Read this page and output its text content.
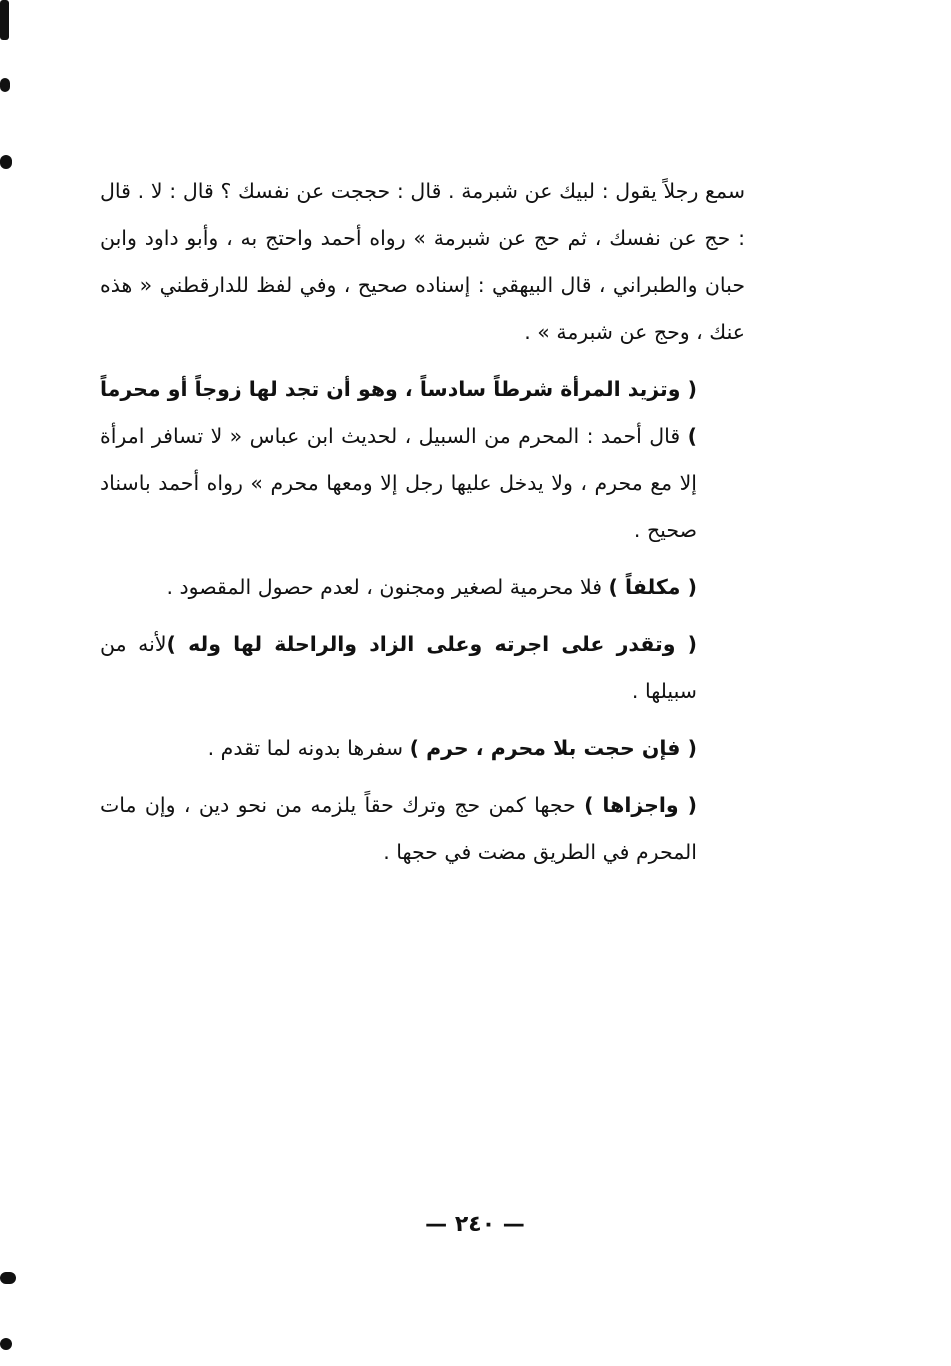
سمع رجلاً يقول : لبيك عن شبرمة . قال : حججت عن نفسك ؟ قال : لا . قال : حج عن نفسك ، ثم حج عن شبرمة » رواه أحمد واحتج به ، وأبو داود وابن حبان والطبراني ، قال البيهقي : إسناده صحيح ، وفي لفظ للدارقطني « هذه عنك ، وحج عن شبرمة » .

( وتزيد المرأة شرطاً سادساً ، وهو أن تجد لها زوجاً أو محرماً ) قال أحمد : المحرم من السبيل ، لحديث ابن عباس « لا تسافر امرأة إلا مع محرم ، ولا يدخل عليها رجل إلا ومعها محرم » رواه أحمد باسناد صحيح .

( مكلفاً ) فلا محرمية لصغير ومجنون ، لعدم حصول المقصود .

( وتقدر على اجرته وعلى الزاد والراحلة لها وله )لأنه من سبيلها .

( فإن حجت بلا محرم ، حرم ) سفرها بدونه لما تقدم .

( واجزاها ) حجها كمن حج وترك حقاً يلزمه من نحو دين ، وإن مات المحرم في الطريق مضت في حجها .

— ٢٤٠ —
